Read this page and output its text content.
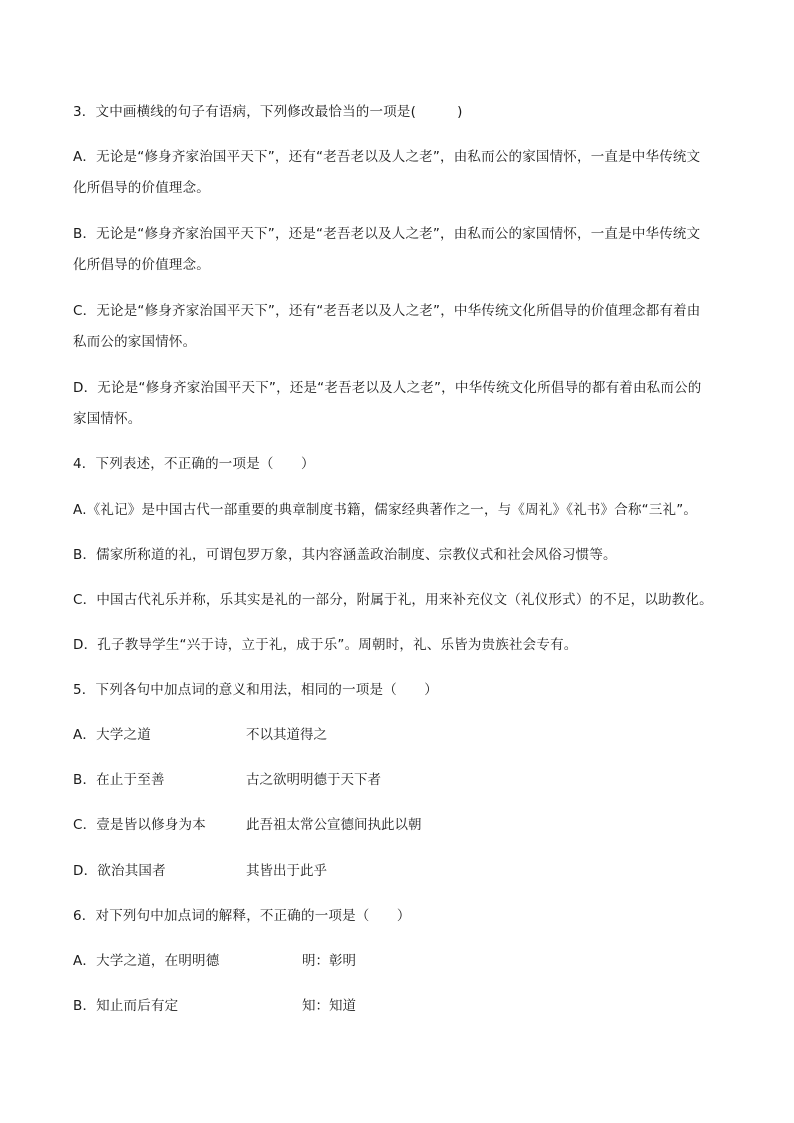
3．文中画横线的句子有语病，下列修改最恰当的一项是(　　　)
A．无论是“修身齐家治国平天下”，还有“老吾老以及人之老”，由私而公的家国情怀，一直是中华传统文
化所倡导的价值理念。
B．无论是“修身齐家治国平天下”，还是“老吾老以及人之老”，由私而公的家国情怀，一直是中华传统文
化所倡导的价值理念。
C．无论是“修身齐家治国平天下”，还有“老吾老以及人之老”，中华传统文化所倡导的价值理念都有着由
私而公的家国情怀。
D．无论是“修身齐家治国平天下”，还是“老吾老以及人之老”，中华传统文化所倡导的都有着由私而公的
家国情怀。
4．下列表述，不正确的一项是（　　）
A.《礼记》是中国古代一部重要的典章制度书籍，儒家经典著作之一，与《周礼》《礼书》合称“三礼”。
B．儒家所称道的礼，可谓包罗万象，其内容涵盖政治制度、宗教仪式和社会风俗习惯等。
C．中国古代礼乐并称，乐其实是礼的一部分，附属于礼，用来补充仪文（礼仪形式）的不足，以助教化。
D．孔子教导学生“兴于诗，立于礼，成于乐”。周朝时，礼、乐皆为贵族社会专有。
5．下列各句中加点词的意义和用法，相同的一项是（　　）
A．大学之道	不以其道得之
B．在止于至善	古之欲明明德于天下者
C．壹是皆以修身为本	此吾祖太常公宣德间执此以朝
D．欲治其国者	其皆出于此乎
6．对下列句中加点词的解释，不正确的一项是（　　）
A．大学之道，在明明德	明：彰明
B．知止而后有定	知：知道
